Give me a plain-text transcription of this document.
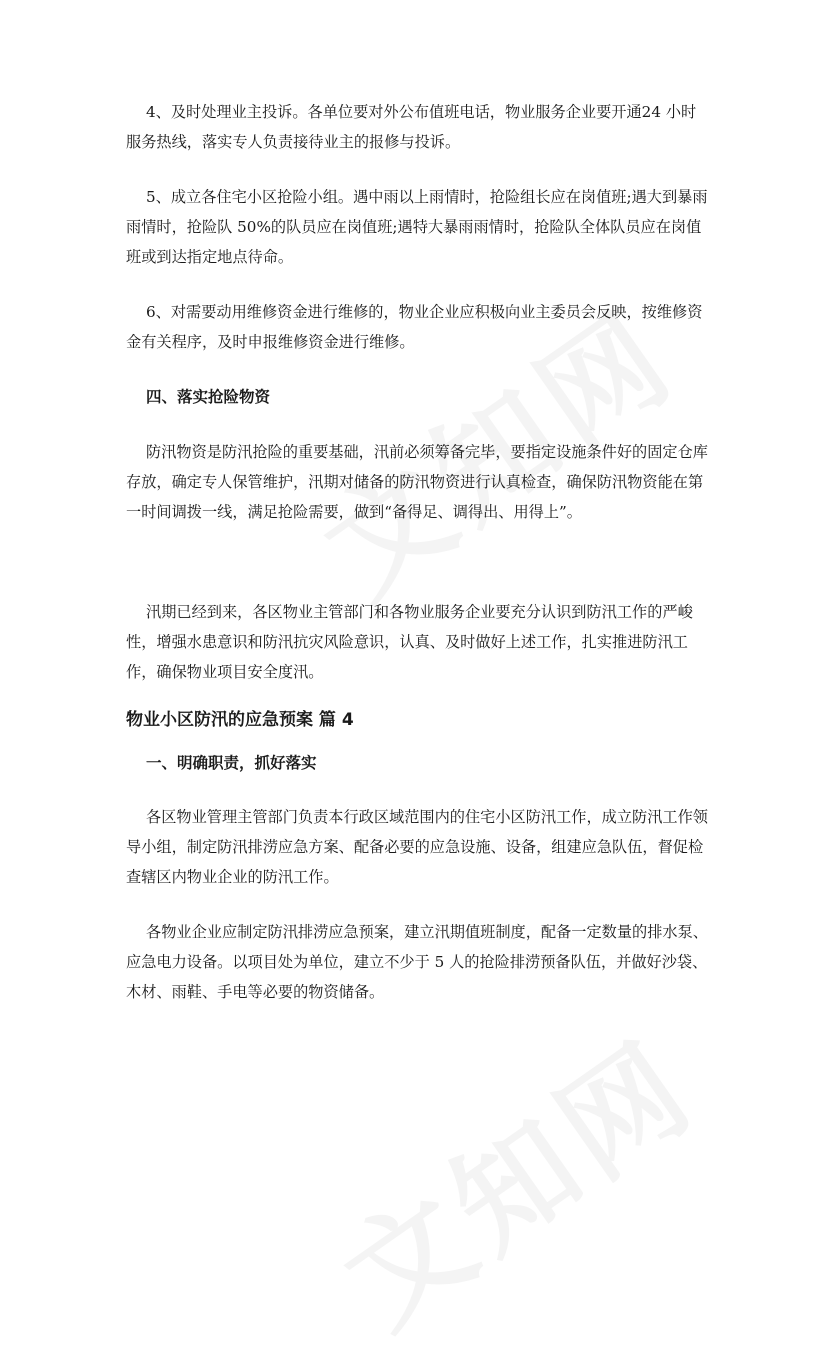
4、及时处理业主投诉。各单位要对外公布值班电话，物业服务企业要开通24 小时服务热线，落实专人负责接待业主的报修与投诉。

5、成立各住宅小区抢险小组。遇中雨以上雨情时，抢险组长应在岗值班;遇大到暴雨雨情时，抢险队 50%的队员应在岗值班;遇特大暴雨雨情时，抢险队全体队员应在岗值班或到达指定地点待命。

6、对需要动用维修资金进行维修的，物业企业应积极向业主委员会反映，按维修资金有关程序，及时申报维修资金进行维修。

四、落实抢险物资

防汛物资是防汛抢险的重要基础，汛前必须筹备完毕，要指定设施条件好的固定仓库存放，确定专人保管维护，汛期对储备的防汛物资进行认真检查，确保防汛物资能在第一时间调拨一线，满足抢险需要，做到“备得足、调得出、用得上”。

汛期已经到来，各区物业主管部门和各物业服务企业要充分认识到防汛工作的严峻性，增强水患意识和防汛抗灾风险意识，认真、及时做好上述工作，扎实推进防汛工作，确保物业项目安全度汛。

物业小区防汛的应急预案 篇 4
一、明确职责，抓好落实

各区物业管理主管部门负责本行政区域范围内的住宅小区防汛工作，成立防汛工作领导小组，制定防汛排涝应急方案、配备必要的应急设施、设备，组建应急队伍，督促检查辖区内物业企业的防汛工作。

各物业企业应制定防汛排涝应急预案，建立汛期值班制度，配备一定数量的排水泵、应急电力设备。以项目处为单位，建立不少于 5 人的抢险排涝预备队伍，并做好沙袋、木材、雨鞋、手电等必要的物资储备。
